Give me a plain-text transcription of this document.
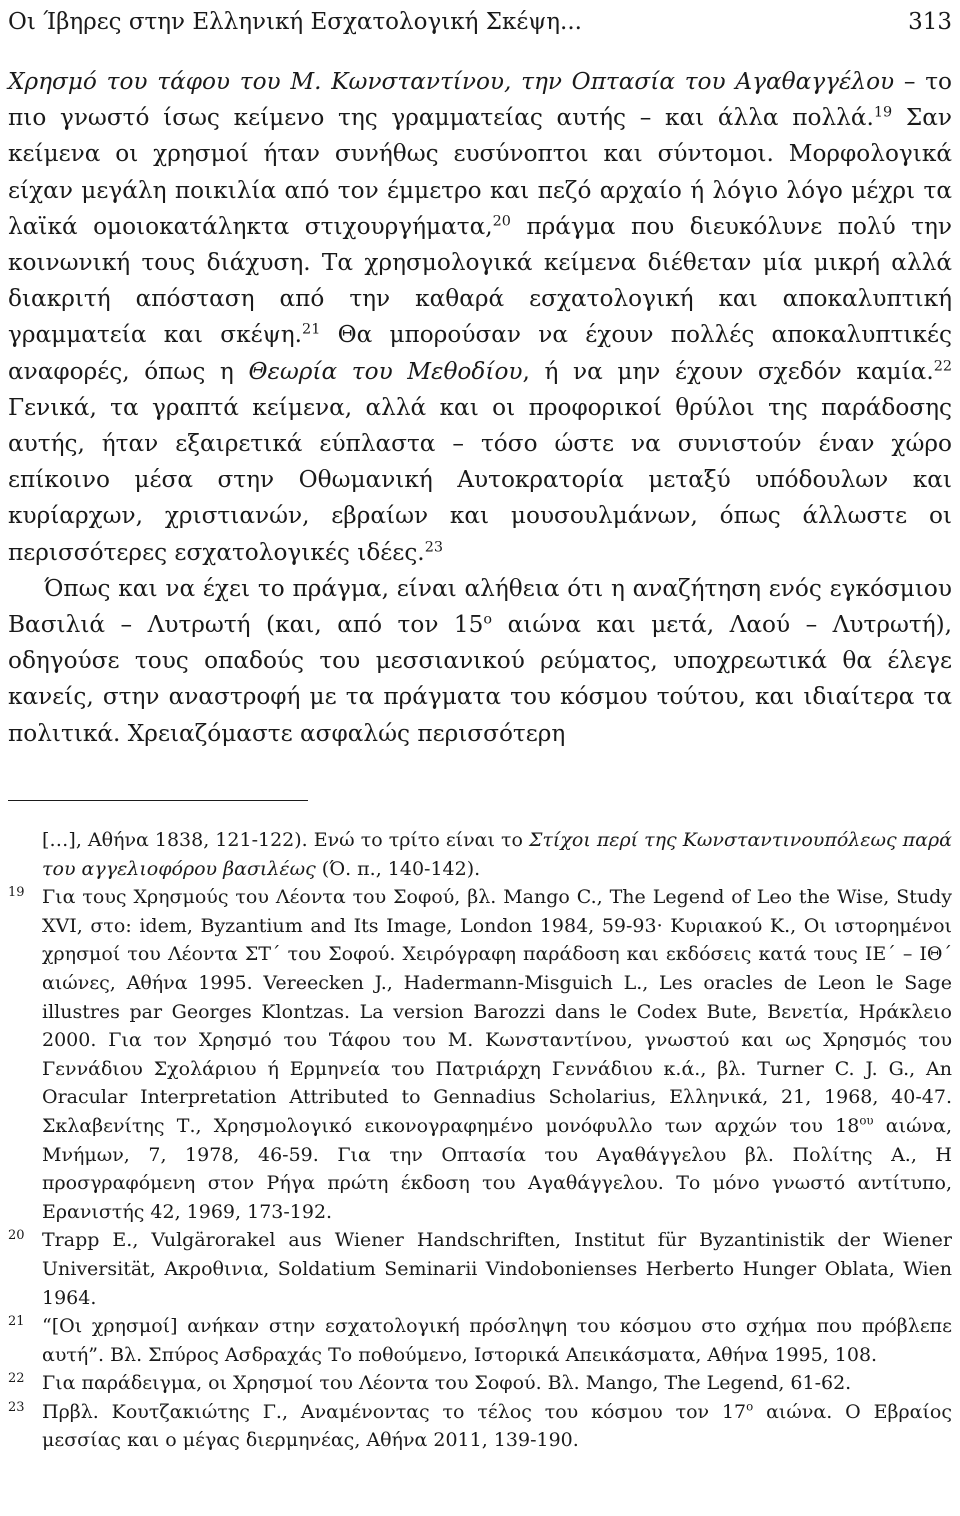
Οι Ίβηρες στην Ελληνική Εσχατολογική Σκέψη...	313

Χρησμό του τάφου του Μ. Κωνσταντίνου, την Οπτασία του Αγαθαγγέλου – το πιο γνωστό ίσως κείμενο της γραμματείας αυτής – και άλλα πολλά.$^{19}$ Σαν κείμενα οι χρησμοί ήταν συνήθως ευσύνοπτοι και σύντομοι. Μορφολογικά είχαν μεγάλη ποικιλία από τον έμμετρο και πεζό αρχαίο ή λόγιο λόγο μέχρι τα λαϊκά ομοιοκατάληκτα στιχουργήματα,$^{20}$ πράγμα που διευκόλυνε πολύ την κοινωνική τους διάχυση. Τα χρησμολογικά κείμενα διέθεταν μία μικρή αλλά διακριτή απόσταση από την καθαρά εσχατολογική και αποκαλυπτική γραμματεία και σκέψη.$^{21}$ Θα μπορούσαν να έχουν πολλές αποκαλυπτικές αναφορές, όπως η Θεωρία του Μεθοδίου, ή να μην έχουν σχεδόν καμία.$^{22}$ Γενικά, τα γραπτά κείμενα, αλλά και οι προφορικοί θρύλοι της παράδοσης αυτής, ήταν εξαιρετικά εύπλαστα – τόσο ώστε να συνιστούν έναν χώρο επίκοινο μέσα στην Οθωμανική Αυτοκρατορία μεταξύ υπόδουλων και κυρίαρχων, χριστιανών, εβραίων και μουσουλμάνων, όπως άλλωστε οι περισσότερες εσχατολογικές ιδέες.$^{23}$

Όπως και να έχει το πράγμα, είναι αλήθεια ότι η αναζήτηση ενός εγκόσμιου Βασιλιά – Λυτρωτή (και, από τον $15^o$ αιώνα και μετά, Λαού – Λυτρωτή), οδηγούσε τους οπαδούς του μεσσιανικού ρεύματος, υποχρεωτικά θα έλεγε κανείς, στην αναστροφή με τα πράγματα του κόσμου τούτου, και ιδιαίτερα τα πολιτικά. Χρειαζόμαστε ασφαλώς περισσότερη

[…], Αθήνα 1838, 121-122). Ενώ το τρίτο είναι το Στίχοι περί της Κωνσταντινουπόλεως παρά του αγγελιοφόρου βασιλέως (Ό. π., 140-142).
19 Για τους Χρησμούς του Λέοντα του Σοφού, βλ. Mango C., The Legend of Leo the Wise, Study XVI, στο: idem, Byzantium and Its Image, London 1984, 59-93· Κυριακού Κ., Οι ιστορημένοι χρησμοί του Λέοντα ΣΤ΄ του Σοφού. Χειρόγραφη παράδοση και εκδόσεις κατά τους ΙΕ΄ – ΙΘ΄ αιώνες, Αθήνα 1995. Vereecken J., Hadermann-Misguich L., Les oracles de Leon le Sage illustres par Georges Klontzas. La version Barozzi dans le Codex Bute, Βενετία, Ηράκλειο 2000. Για τον Χρησμό του Τάφου του Μ. Κωνσταντίνου, γνωστού και ως Χρησμός του Γεννάδιου Σχολάριου ή Ερμηνεία του Πατριάρχη Γεννάδιου κ.ά., βλ. Turner C. J. G., An Oracular Interpretation Attributed to Gennadius Scholarius, Ελληνικά, 21, 1968, 40-47. Σκλαβενίτης Τ., Χρησμολογικό εικονογραφημένο μονόφυλλο των αρχών του $18^{o\upsilon}$ αιώνα, Μνήμων, 7, 1978, 46-59. Για την Οπτασία του Αγαθάγγελου βλ. Πολίτης Α., Η προσγραφόμενη στον Ρήγα πρώτη έκδοση του Αγαθάγγελου. Το μόνο γνωστό αντίτυπο, Ερανιστής 42, 1969, 173-192.
20 Trapp E., Vulgärorakel aus Wiener Handschriften, Institut für Byzantinistik der Wiener Universität, Ακροθινια, Soldatium Seminarii Vindobonienses Herberto Hunger Oblata, Wien 1964.
21 “[Οι χρησμοί] ανήκαν στην εσχατολογική πρόσληψη του κόσμου στο σχήμα που πρόβλεπε αυτή”. Βλ. Σπύρος Ασδραχάς Το ποθούμενο, Ιστορικά Απεικάσματα, Αθήνα 1995, 108.
22 Για παράδειγμα, οι Χρησμοί του Λέοντα του Σοφού. Βλ. Mango, The Legend, 61-62.
23 Πρβλ. Κουτζακιώτης Γ., Αναμένοντας το τέλος του κόσμου τον $17^o$ αιώνα. Ο Εβραίος μεσσίας και ο μέγας διερμηνέας, Αθήνα 2011, 139-190.
